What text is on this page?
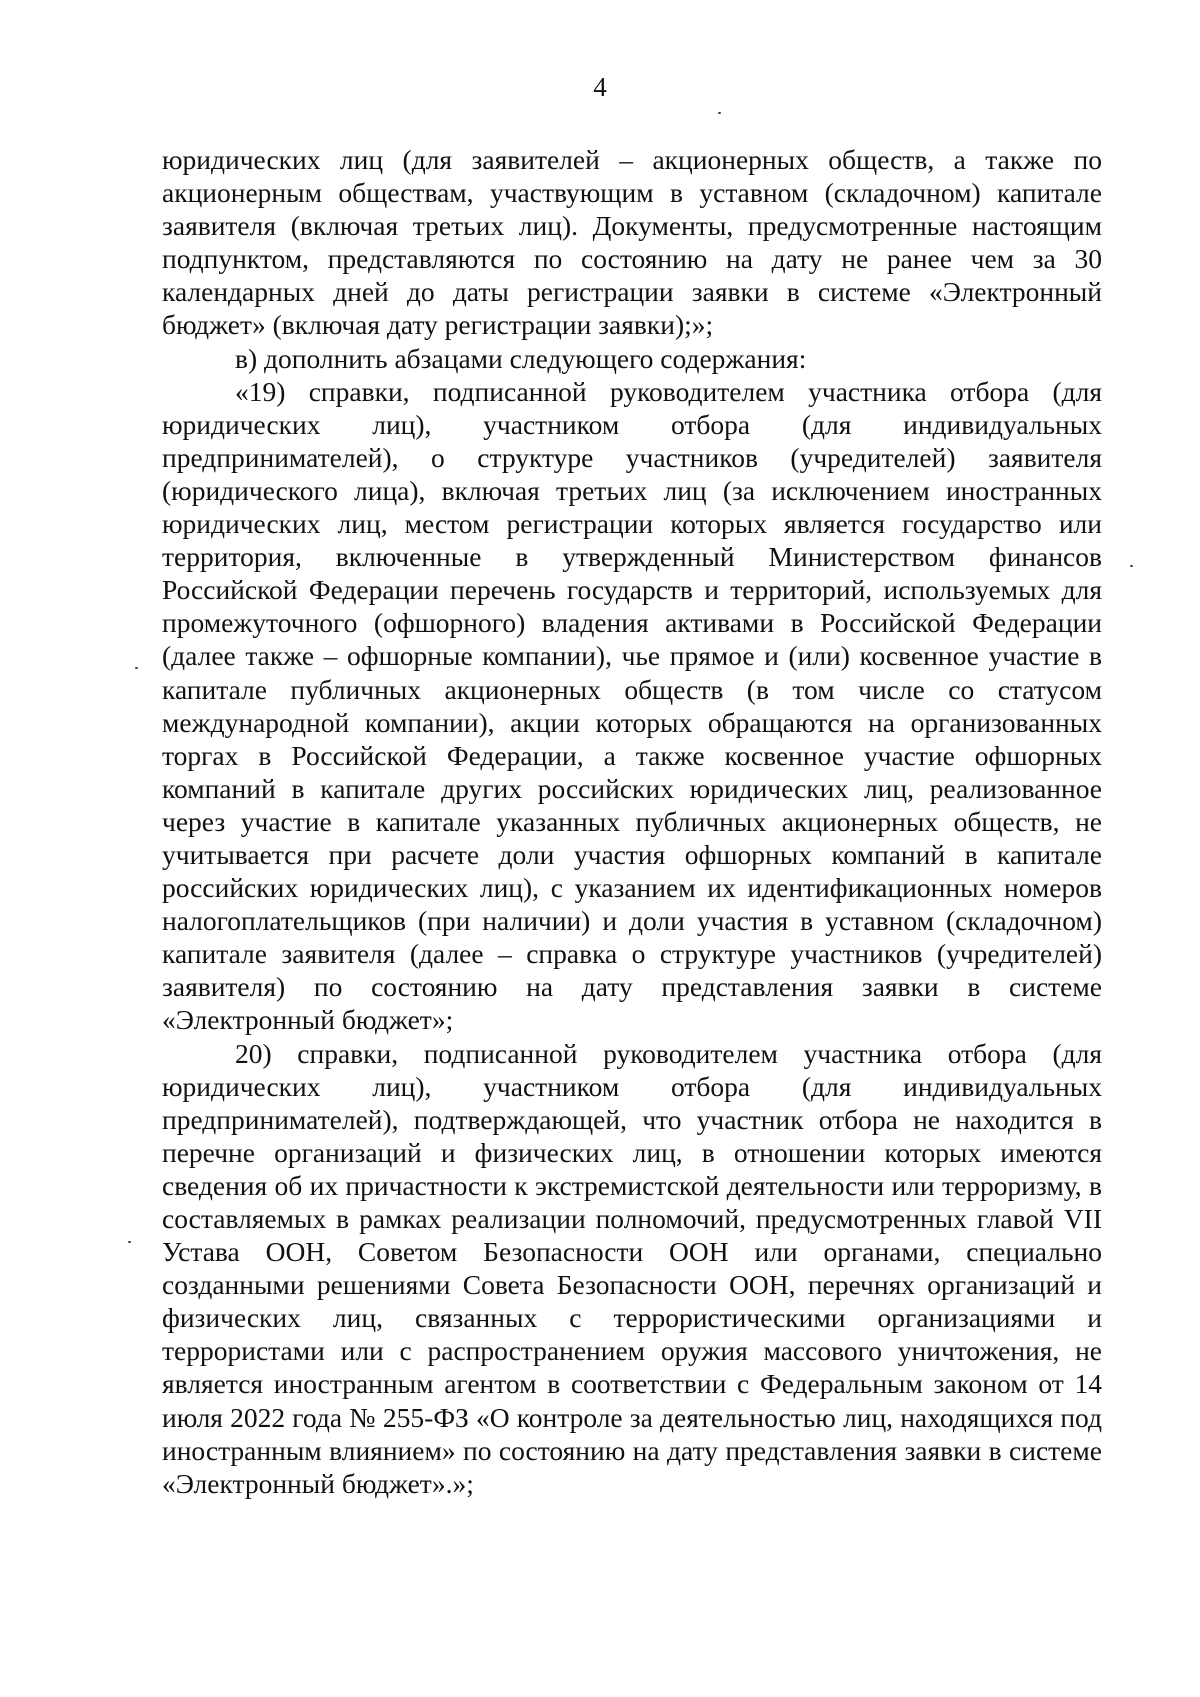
4

юридических лиц (для заявителей – акционерных обществ, а также по акционерным обществам, участвующим в уставном (складочном) капитале заявителя (включая третьих лиц). Документы, предусмотренные настоящим подпунктом, представляются по состоянию на дату не ранее чем за 30 календарных дней до даты регистрации заявки в системе «Электронный бюджет» (включая дату регистрации заявки);»;

в) дополнить абзацами следующего содержания:

«19) справки, подписанной руководителем участника отбора (для юридических лиц), участником отбора (для индивидуальных предпринимателей), о структуре участников (учредителей) заявителя (юридического лица), включая третьих лиц (за исключением иностранных юридических лиц, местом регистрации которых является государство или территория, включенные в утвержденный Министерством финансов Российской Федерации перечень государств и территорий, используемых для промежуточного (офшорного) владения активами в Российской Федерации (далее также – офшорные компании), чье прямое и (или) косвенное участие в капитале публичных акционерных обществ (в том числе со статусом международной компании), акции которых обращаются на организованных торгах в Российской Федерации, а также косвенное участие офшорных компаний в капитале других российских юридических лиц, реализованное через участие в капитале указанных публичных акционерных обществ, не учитывается при расчете доли участия офшорных компаний в капитале российских юридических лиц), с указанием их идентификационных номеров налогоплательщиков (при наличии) и доли участия в уставном (складочном) капитале заявителя (далее – справка о структуре участников (учредителей) заявителя) по состоянию на дату представления заявки в системе «Электронный бюджет»;

20) справки, подписанной руководителем участника отбора (для юридических лиц), участником отбора (для индивидуальных предпринимателей), подтверждающей, что участник отбора не находится в перечне организаций и физических лиц, в отношении которых имеются сведения об их причастности к экстремистской деятельности или терроризму, в составляемых в рамках реализации полномочий, предусмотренных главой VII Устава ООН, Советом Безопасности ООН или органами, специально созданными решениями Совета Безопасности ООН, перечнях организаций и физических лиц, связанных с террористическими организациями и террористами или с распространением оружия массового уничтожения, не является иностранным агентом в соответствии с Федеральным законом от 14 июля 2022 года № 255-ФЗ «О контроле за деятельностью лиц, находящихся под иностранным влиянием» по состоянию на дату представления заявки в системе «Электронный бюджет».»;
